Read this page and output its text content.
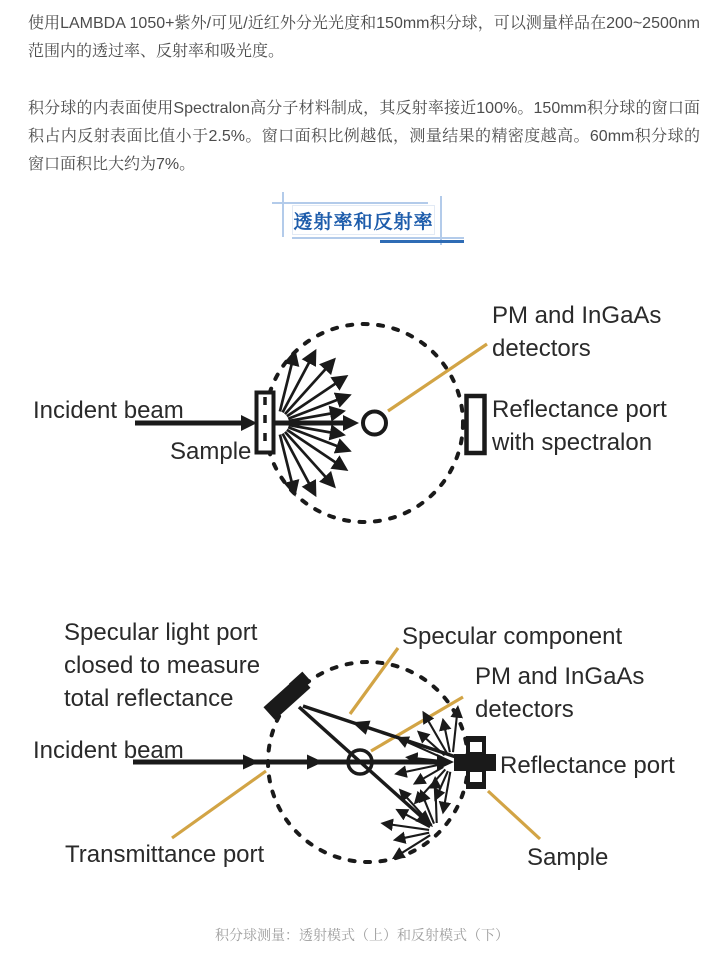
使用LAMBDA 1050+紫外/可见/近红外分光光度和150mm积分球，可以测量样品在200~2500nm范围内的透过率、反射率和吸光度。

积分球的内表面使用Spectralon高分子材料制成，其反射率接近100%。150mm积分球的窗口面积占内反射表面比值小于2.5%。窗口面积比例越低，测量结果的精密度越高。60mm积分球的窗口面积比大约为7%。

透射率和反射率
Incident beam
Sample
PM and InGaAs
detectors
Reflectance port
with spectralon
Specular light port
closed to measure
total reflectance
Incident beam
Transmittance port
Specular component
PM and InGaAs
detectors
Reflectance port
Sample
积分球测量：透射模式（上）和反射模式（下）
